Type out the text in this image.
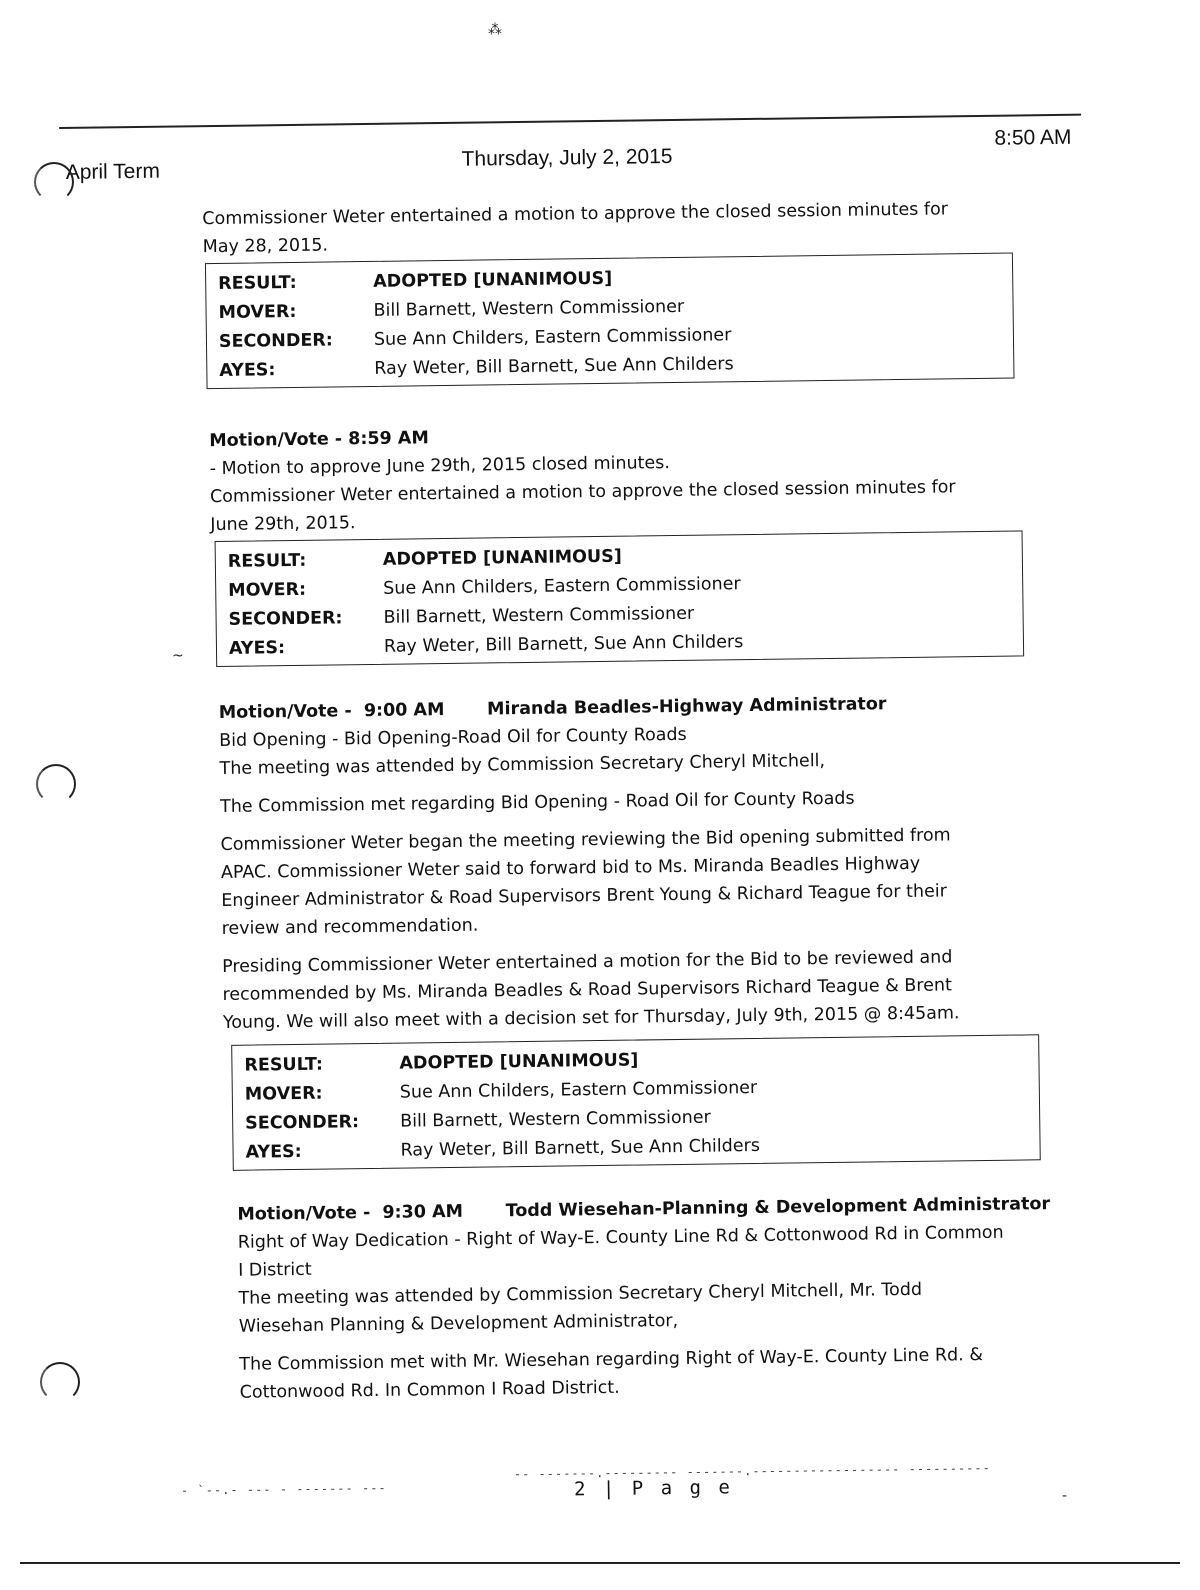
April Term
Thursday, July 2, 2015
8:50 AM

Commissioner Weter entertained a motion to approve the closed session minutes for

May 28, 2015.

RESULT:	ADOPTED [UNANIMOUS]
MOVER:	Bill Barnett, Western Commissioner
SECONDER:	Sue Ann Childers, Eastern Commissioner
AYES:	Ray Weter, Bill Barnett, Sue Ann Childers

Motion/Vote - 8:59 AM

- Motion to approve June 29th, 2015 closed minutes.

Commissioner Weter entertained a motion to approve the closed session minutes for

June 29th, 2015.

RESULT:	ADOPTED [UNANIMOUS]
MOVER:	Sue Ann Childers, Eastern Commissioner
SECONDER:	Bill Barnett, Western Commissioner
AYES:	Ray Weter, Bill Barnett, Sue Ann Childers

Motion/Vote -  9:00 AM       Miranda Beadles-Highway Administrator

Bid Opening - Bid Opening-Road Oil for County Roads

The meeting was attended by Commission Secretary Cheryl Mitchell,

The Commission met regarding Bid Opening - Road Oil for County Roads

Commissioner Weter began the meeting reviewing the Bid opening submitted from

APAC. Commissioner Weter said to forward bid to Ms. Miranda Beadles Highway

Engineer Administrator & Road Supervisors Brent Young & Richard Teague for their

review and recommendation.

Presiding Commissioner Weter entertained a motion for the Bid to be reviewed and

recommended by Ms. Miranda Beadles & Road Supervisors Richard Teague & Brent

Young. We will also meet with a decision set for Thursday, July 9th, 2015 @ 8:45am.

RESULT:	ADOPTED [UNANIMOUS]
MOVER:	Sue Ann Childers, Eastern Commissioner
SECONDER:	Bill Barnett, Western Commissioner
AYES:	Ray Weter, Bill Barnett, Sue Ann Childers

Motion/Vote -  9:30 AM       Todd Wiesehan-Planning & Development Administrator

Right of Way Dedication - Right of Way-E. County Line Rd & Cottonwood Rd in Common

I District

The meeting was attended by Commission Secretary Cheryl Mitchell, Mr. Todd

Wiesehan Planning & Development Administrator,

The Commission met with Mr. Wiesehan regarding Right of Way-E. County Line Rd. &

Cottonwood Rd. In Common I Road District.

- `--.- --- - ------- ---
-- -------.--------- -------.------------------ ----------
2 | P a g e
⁂
-
~
